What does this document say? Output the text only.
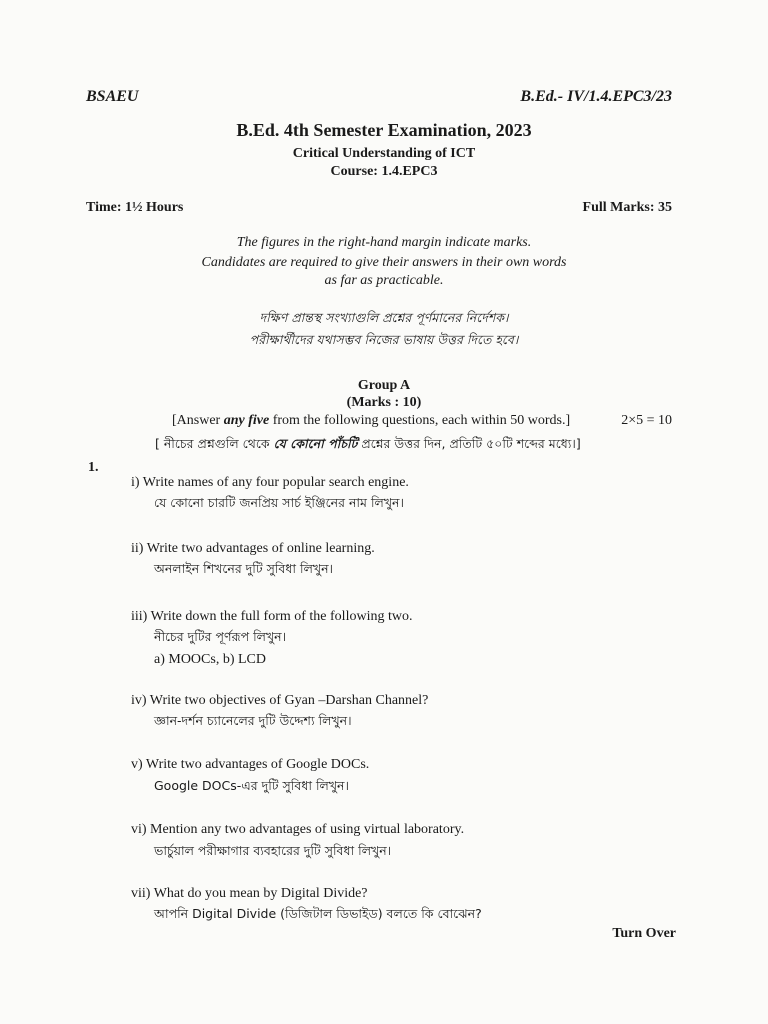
BSAEU	B.Ed.- IV/1.4.EPC3/23
B.Ed. 4th Semester Examination, 2023
Critical Understanding of ICT
Course: 1.4.EPC3
Time: 1½ Hours	Full Marks: 35
The figures in the right-hand margin indicate marks.
Candidates are required to give their answers in their own words
as far as practicable.
দক্ষিণ প্রান্তস্থ সংখ্যাগুলি প্রশ্নের পূর্ণমানের নির্দেশক।
পরীক্ষার্থীদের যথাসম্ভব নিজের ভাষায় উত্তর দিতে হবে।
Group A
(Marks : 10)
[Answer any five from the following questions, each within 50 words.]	2×5 = 10
[ নীচের প্রশ্নগুলি থেকে যে কোনো পাঁচটি প্রশ্নের উত্তর দিন, প্রতিটি ৫০টি শব্দের মধ্যে।]
1.
i) Write names of any four popular search engine.
যে কোনো চারটি জনপ্রিয় সার্চ ইঞ্জিনের নাম লিখুন।
ii) Write two advantages of online learning.
অনলাইন শিখনের দুটি সুবিধা লিখুন।
iii) Write down the full form of the following two.
নীচের দুটির পূর্ণরূপ লিখুন।
a) MOOCs, b) LCD
iv) Write two objectives of Gyan –Darshan Channel?
জ্ঞান-দর্শন চ্যানেলের দুটি উদ্দেশ্য লিখুন।
v) Write two advantages of Google DOCs.
Google DOCs-এর দুটি সুবিধা লিখুন।
vi) Mention any two advantages of using virtual laboratory.
ভার্চুয়াল পরীক্ষাগার ব্যবহারের দুটি সুবিধা লিখুন।
vii) What do you mean by Digital Divide?
আপনি Digital Divide (ডিজিটাল ডিভাইড) বলতে কি বোঝেন?
Turn Over
